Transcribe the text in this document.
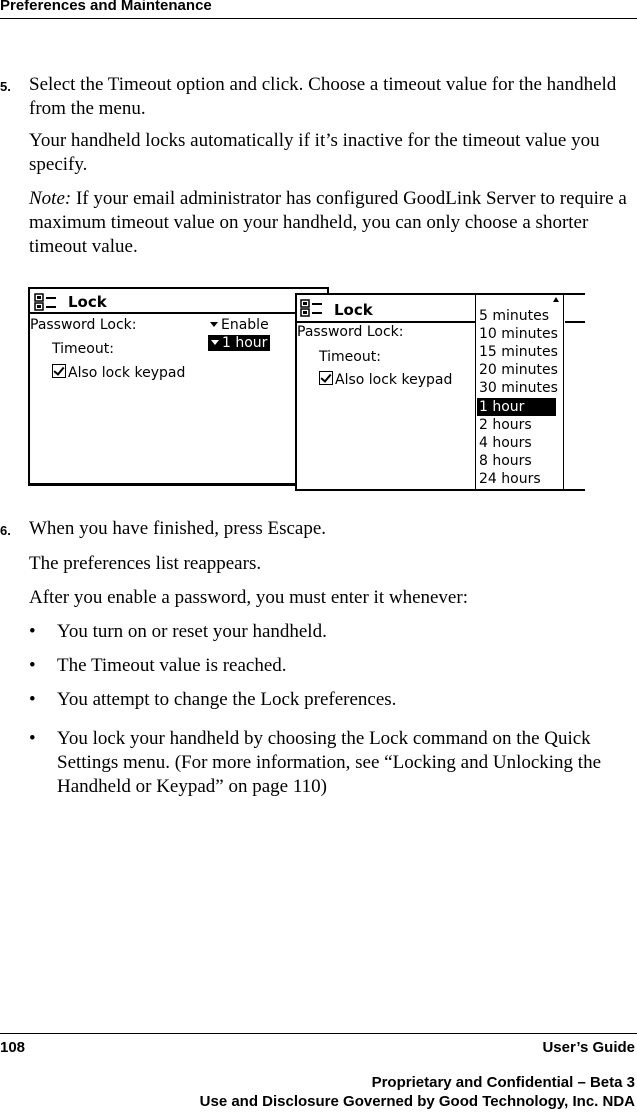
Preferences and Maintenance
5. Select the Timeout option and click. Choose a timeout value for the handheld from the menu.
Your handheld locks automatically if it’s inactive for the timeout value you specify.
Note: If your email administrator has configured GoodLink Server to require a maximum timeout value on your handheld, you can only choose a shorter timeout value.
Lock
Password Lock:	Enable
Timeout:	1 hour
Also lock keypad
Lock
Password Lock:
Timeout:
Also lock keypad
5 minutes
10 minutes
15 minutes
20 minutes
30 minutes
1 hour
2 hours
4 hours
8 hours
24 hours
6. When you have finished, press Escape.
The preferences list reappears.
After you enable a password, you must enter it whenever:
•	You turn on or reset your handheld.
•	The Timeout value is reached.
•	You attempt to change the Lock preferences.
•	You lock your handheld by choosing the Lock command on the Quick Settings menu. (For more information, see “Locking and Unlocking the Handheld or Keypad” on page 110)
108	User’s Guide
Proprietary and Confidential – Beta 3
Use and Disclosure Governed by Good Technology, Inc. NDA
